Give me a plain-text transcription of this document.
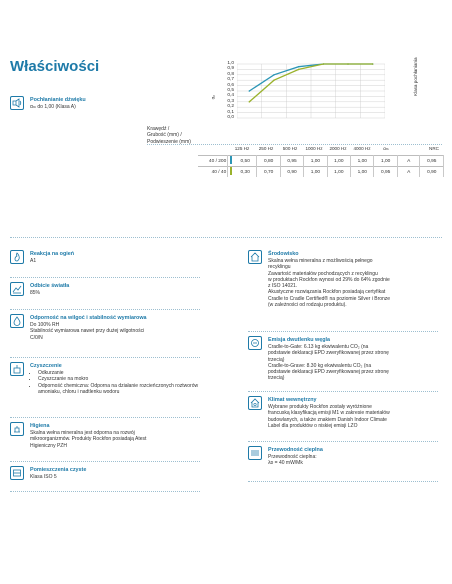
Właściwości
Pochłanianie dźwięku
αₘ do 1,00 (Klasa A)
1,0
0,9
0,8
0,7
0,6
0,5
0,4
0,3
0,2
0,1
0,0
αₚ
Klasa pochłaniania
Krawędź /
Grubość (mm) /
Podwieszenie (mm)
125 Hz	250 Hz	500 Hz	1000 Hz	2000 Hz	4000 Hz	αₘ	NRC
40 / 200		0,50	0,80	0,95	1,00	1,00	1,00	1,00	A	0,95
40 / 40		0,30	0,70	0,90	1,00	1,00	1,00	0,95	A	0,90
Reakcja na ogień
A1
Odbicie światła
85%
Odporność na wilgoć i stabilność wymiarowa
Do 100% RH
Stabilność wymiarowa nawet przy dużej wilgotności
C/0/N
Czyszczenie
• Odkurzanie
• Czyszczanie na mokro
• Odporność chemiczna: Odporna na działanie rozcieńczonych roztworów amoniaku, chloru i nadtlenku wodoru
Higiena
Skalna wełna mineralna jest odporna na rozwój
mikroorganizmów. Produkty Rockfon posiadają Atest
Higieniczny PZH
Pomieszczenia czyste
Klasa ISO 5
Środowisko
Skalna wełna mineralna z możliwością pełnego
recyklingu
Zawartość materiałów pochodzących z recyklingu
w produktach Rockfon wynosi od 29% do 64% zgodnie
z ISO 14021.
Akustyczne rozwiązania Rockfon posiadają certyfikat
Cradle to Cradle Certified® na poziomie Silver i Bronze
(w zależności od rodzaju produktu).
Emisja dwutlenku węgla
Cradle-to-Gate: 6.13 kg ekwiwalentu CO₂ (na
podstawie deklaracji EPD zweryfikowanej przez stronę
trzecią)
Cradle-to-Grave: 8.30 kg ekwiwalentu CO₂ (na
podstawie deklaracji EPD zweryfikowanej przez stronę
trzecią)
Klimat wewnętrzny
Wybrane produkty Rockfon zostały wyróżnione
francuską klasyfikacją emisji M1 w zakresie materiałów
budowlanych, a także znakiem Danish Indoor Climate
Label dla produktów o niskiej emisji LZO
Przewodność cieplna
Przewodność cieplna:
λᴅ = 40 mW/Mk
